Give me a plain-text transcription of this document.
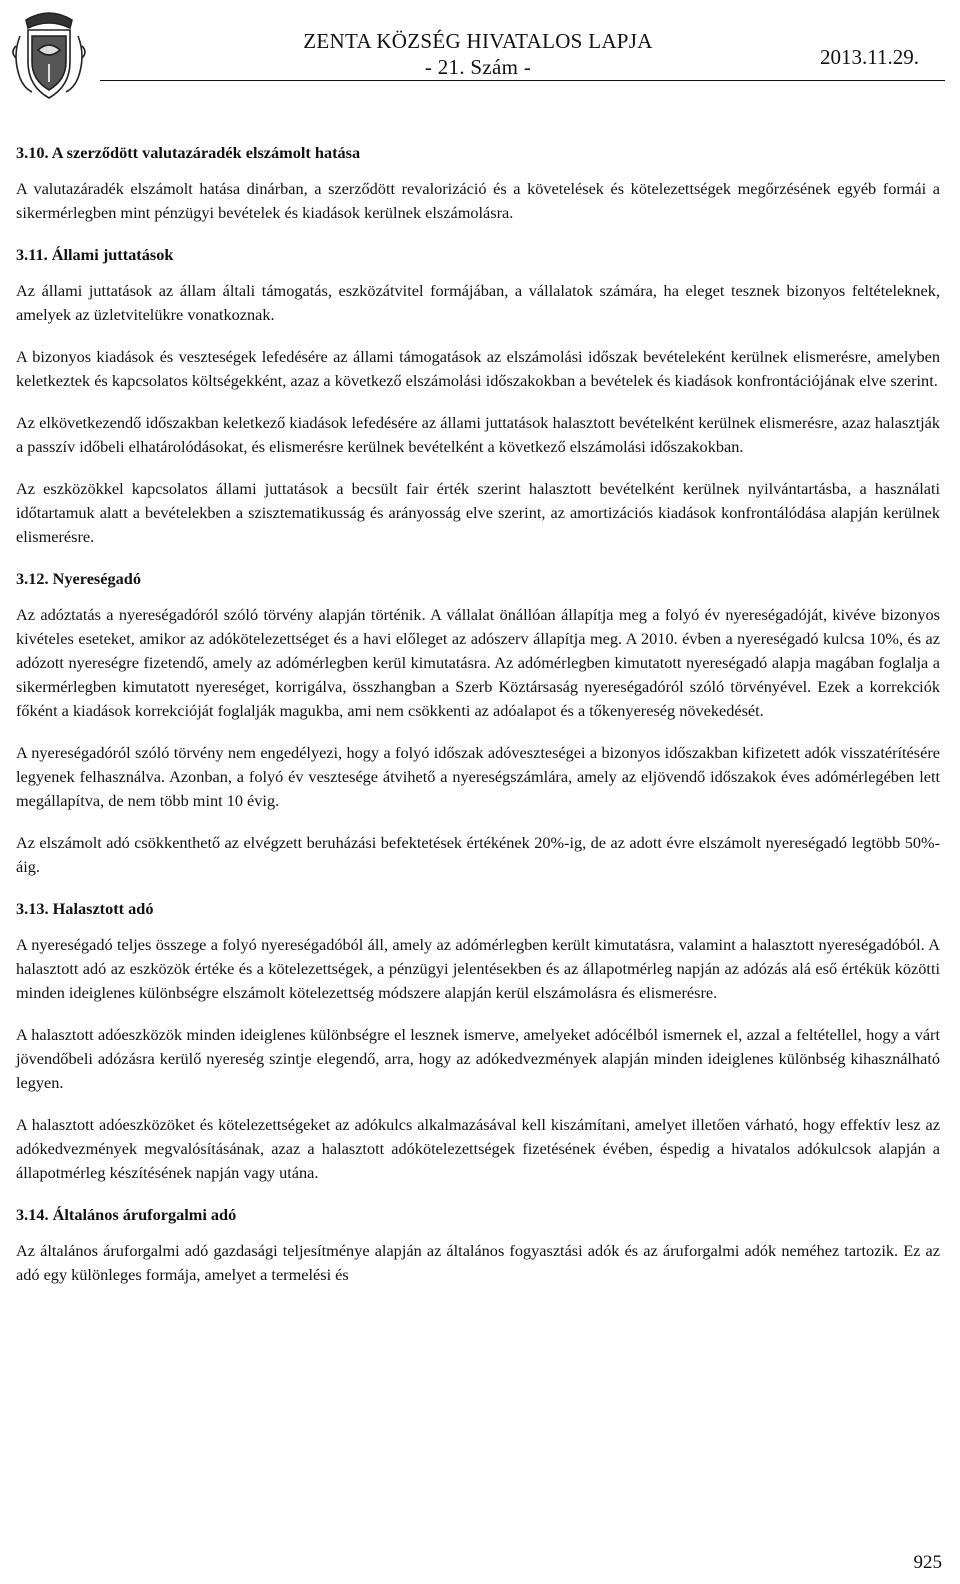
ZENTA KÖZSÉG HIVATALOS LAPJA
- 21. Szám -	2013.11.29.
3.10. A szerződött valutazáradék elszámolt hatása

A valutazáradék elszámolt hatása dinárban, a szerződött revalorizáció és a követelések és kötelezettségek megőrzésének egyéb formái a sikermérlegben mint pénzügyi bevételek és kiadások kerülnek elszámolásra.

3.11. Állami juttatások

Az állami juttatások az állam általi támogatás, eszközátvitel formájában, a vállalatok számára, ha eleget tesznek bizonyos feltételeknek, amelyek az üzletvitelükre vonatkoznak.

A bizonyos kiadások és veszteségek lefedésére az állami támogatások az elszámolási időszak bevételeként kerülnek elismerésre, amelyben keletkeztek és kapcsolatos költségekként, azaz a következő elszámolási időszakokban a bevételek és kiadások konfrontációjának elve szerint.

Az elkövetkezendő időszakban keletkező kiadások lefedésére az állami juttatások halasztott bevételként kerülnek elismerésre, azaz halasztják a passzív időbeli elhatárolódásokat, és elismerésre kerülnek bevételként a következő elszámolási időszakokban.

Az eszközökkel kapcsolatos állami juttatások a becsült fair érték szerint halasztott bevételként kerülnek nyilvántartásba, a használati időtartamuk alatt a bevételekben a szisztematikusság és arányosság elve szerint, az amortizációs kiadások konfrontálódása alapján kerülnek elismerésre.

3.12. Nyereségadó

Az adóztatás a nyereségadóról szóló törvény alapján történik. A vállalat önállóan állapítja meg a folyó év nyereségadóját, kivéve bizonyos kivételes eseteket, amikor az adókötelezettséget és a havi előleget az adószerv állapítja meg. A 2010. évben a nyereségadó kulcsa 10%, és az adózott nyereségre fizetendő, amely az adómérlegben kerül kimutatásra. Az adómérlegben kimutatott nyereségadó alapja magában foglalja a sikermérlegben kimutatott nyereséget, korrigálva, összhangban a Szerb Köztársaság nyereségadóról szóló törvényével. Ezek a korrekciók főként a kiadások korrekcióját foglalják magukba, ami nem csökkenti az adóalapot és a tőkenyereség növekedését.

A nyereségadóról szóló törvény nem engedélyezi, hogy a folyó időszak adóveszteségei a bizonyos időszakban kifizetett adók visszatérítésére legyenek felhasználva. Azonban, a folyó év vesztesége átvihető a nyereségszámlára, amely az eljövendő időszakok éves adómérlegében lett megállapítva, de nem több mint 10 évig.

Az elszámolt adó csökkenthető az elvégzett beruházási befektetések értékének 20%-ig, de az adott évre elszámolt nyereségadó legtöbb 50%-áig.

3.13. Halasztott adó

A nyereségadó teljes összege a folyó nyereségadóból áll, amely az adómérlegben került kimutatásra, valamint a halasztott nyereségadóból. A halasztott adó az eszközök értéke és a kötelezettségek, a pénzügyi jelentésekben és az állapotmérleg napján az adózás alá eső értékük közötti minden ideiglenes különbségre elszámolt kötelezettség módszere alapján kerül elszámolásra és elismerésre.

A halasztott adóeszközök minden ideiglenes különbségre el lesznek ismerve, amelyeket adócélból ismernek el, azzal a feltétellel, hogy a várt jövendőbeli adózásra kerülő nyereség szintje elegendő, arra, hogy az adókedvezmények alapján minden ideiglenes különbség kihasználható legyen.

A halasztott adóeszközöket és kötelezettségeket az adókulcs alkalmazásával kell kiszámítani, amelyet illetően várható, hogy effektív lesz az adókedvezmények megvalósításának, azaz a halasztott adókötelezettségek fizetésének évében, éspedig a hivatalos adókulcsok alapján a állapotmérleg készítésének napján vagy utána.

3.14. Általános áruforgalmi adó

Az általános áruforgalmi adó gazdasági teljesítménye alapján az általános fogyasztási adók és az áruforgalmi adók neméhez tartozik. Ez az adó egy különleges formája, amelyet a termelési és

925
